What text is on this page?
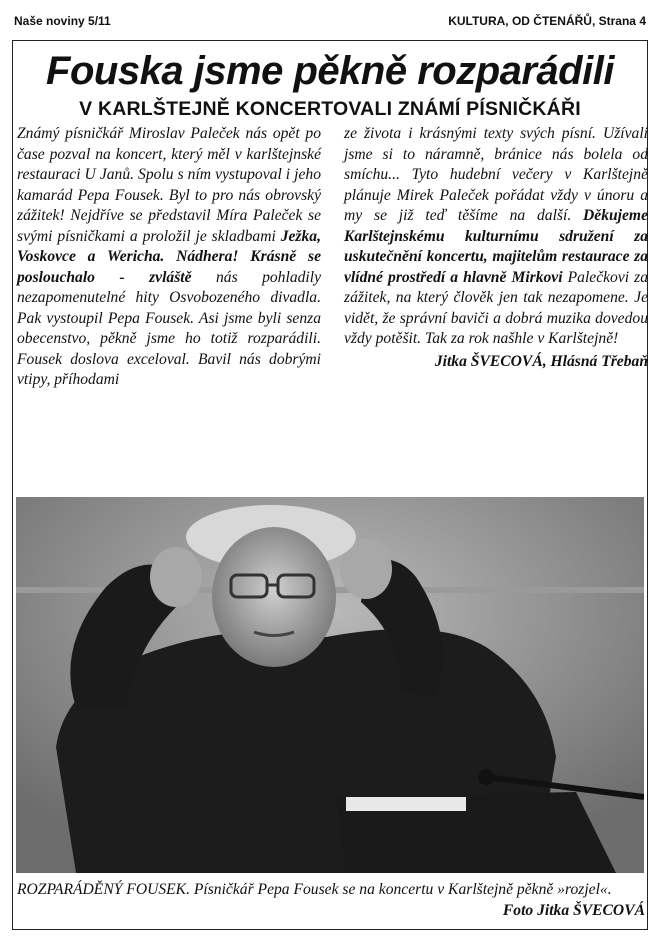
Naše noviny 5/11	KULTURA, OD ČTENÁŘŮ, Strana 4
Fouska jsme pěkně rozparádili
V KARLŠTEJNĚ KONCERTOVALI ZNÁMÍ PÍSNIČKÁŘI

Známý písničkář Miroslav Paleček nás opět po čase pozval na koncert, který měl v karlštejnské restauraci U Janů. Spolu s ním vystupoval i jeho kamarád Pepa Fousek. Byl to pro nás obrovský zážitek! Nejdříve se představil Míra Paleček se svými písničkami a proložil je skladbami Ježka, Voskovce a Wericha. Nádhera! Krásně se poslouchalo - zvláště nás pohladily nezapomenutelné hity Osvobozeného divadla. Pak vystoupil Pepa Fousek. Asi jsme byli senza obecenstvo, pěkně jsme ho totiž rozparádili. Fousek doslova exceloval. Bavil nás dobrými vtipy, příhodami

ze života i krásnými texty svých písní. Užívali jsme si to náramně, bránice nás bolela od smíchu... Tyto hudební večery v Karlštejně plánuje Mirek Paleček pořádat vždy v únoru a my se již teď těšíme na další. Děkujeme Karlštejnskému kulturnímu sdružení za uskutečnění koncertu, majitelům restaurace za vlídné prostředí a hlavně Mirkovi Palečkovi za zážitek, na který člověk jen tak nezapomene. Je vidět, že správní baviči a dobrá muzika dovedou vždy potěšit. Tak za rok našhle v Karlštejně!

Jitka ŠVECOVÁ, Hlásná Třebaň
ROZPARÁDĚNÝ FOUSEK. Písničkář Pepa Fousek se na koncertu v Karlštejně pěkně »rozjel«.
Foto Jitka ŠVECOVÁ
